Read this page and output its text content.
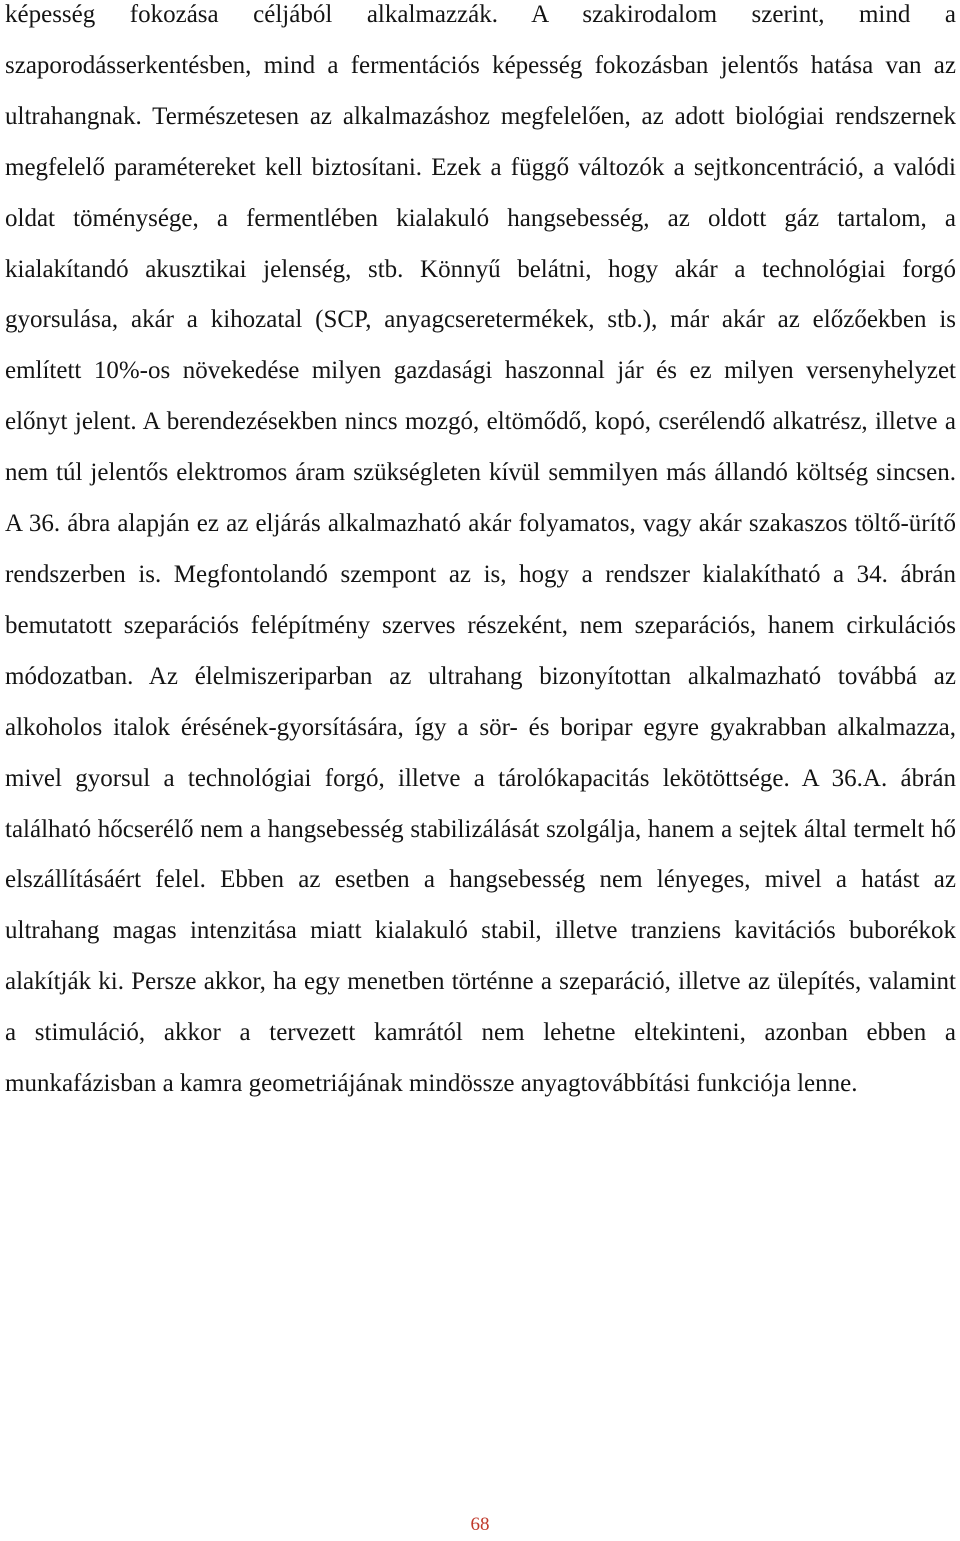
képesség fokozása céljából alkalmazzák. A szakirodalom szerint, mind a szaporodásserkentésben, mind a fermentációs képesség fokozásban jelentős hatása van az ultrahangnak. Természetesen az alkalmazáshoz megfelelően, az adott biológiai rendszernek megfelelő paramétereket kell biztosítani. Ezek a függő változók a sejtkoncentráció, a valódi oldat töménysége, a fermentlében kialakuló hangsebesség, az oldott gáz tartalom, a kialakítandó akusztikai jelenség, stb. Könnyű belátni, hogy akár a technológiai forgó gyorsulása, akár a kihozatal (SCP, anyagcseretermékek, stb.), már akár az előzőekben is említett 10%-os növekedése milyen gazdasági haszonnal jár és ez milyen versenyhelyzet előnyt jelent. A berendezésekben nincs mozgó, eltömődő, kopó, cserélendő alkatrész, illetve a nem túl jelentős elektromos áram szükségleten kívül semmilyen más állandó költség sincsen. A 36. ábra alapján ez az eljárás alkalmazható akár folyamatos, vagy akár szakaszos töltő-ürítő rendszerben is. Megfontolandó szempont az is, hogy a rendszer kialakítható a 34. ábrán bemutatott szeparációs felépítmény szerves részeként, nem szeparációs, hanem cirkulációs módozatban. Az élelmiszeriparban az ultrahang bizonyítottan alkalmazható továbbá az alkoholos italok érésének-gyorsítására, így a sör- és boripar egyre gyakrabban alkalmazza, mivel gyorsul a technológiai forgó, illetve a tárolókapacitás lekötöttsége. A 36.A. ábrán található hőcserélő nem a hangsebesség stabilizálását szolgálja, hanem a sejtek által termelt hő elszállításáért felel. Ebben az esetben a hangsebesség nem lényeges, mivel a hatást az ultrahang magas intenzitása miatt kialakuló stabil, illetve tranziens kavitációs buborékok alakítják ki. Persze akkor, ha egy menetben történne a szeparáció, illetve az ülepítés, valamint a stimuláció, akkor a tervezett kamrától nem lehetne eltekinteni, azonban ebben a munkafázisban a kamra geometriájának mindössze anyagtovábbítási funkciója lenne.

68
